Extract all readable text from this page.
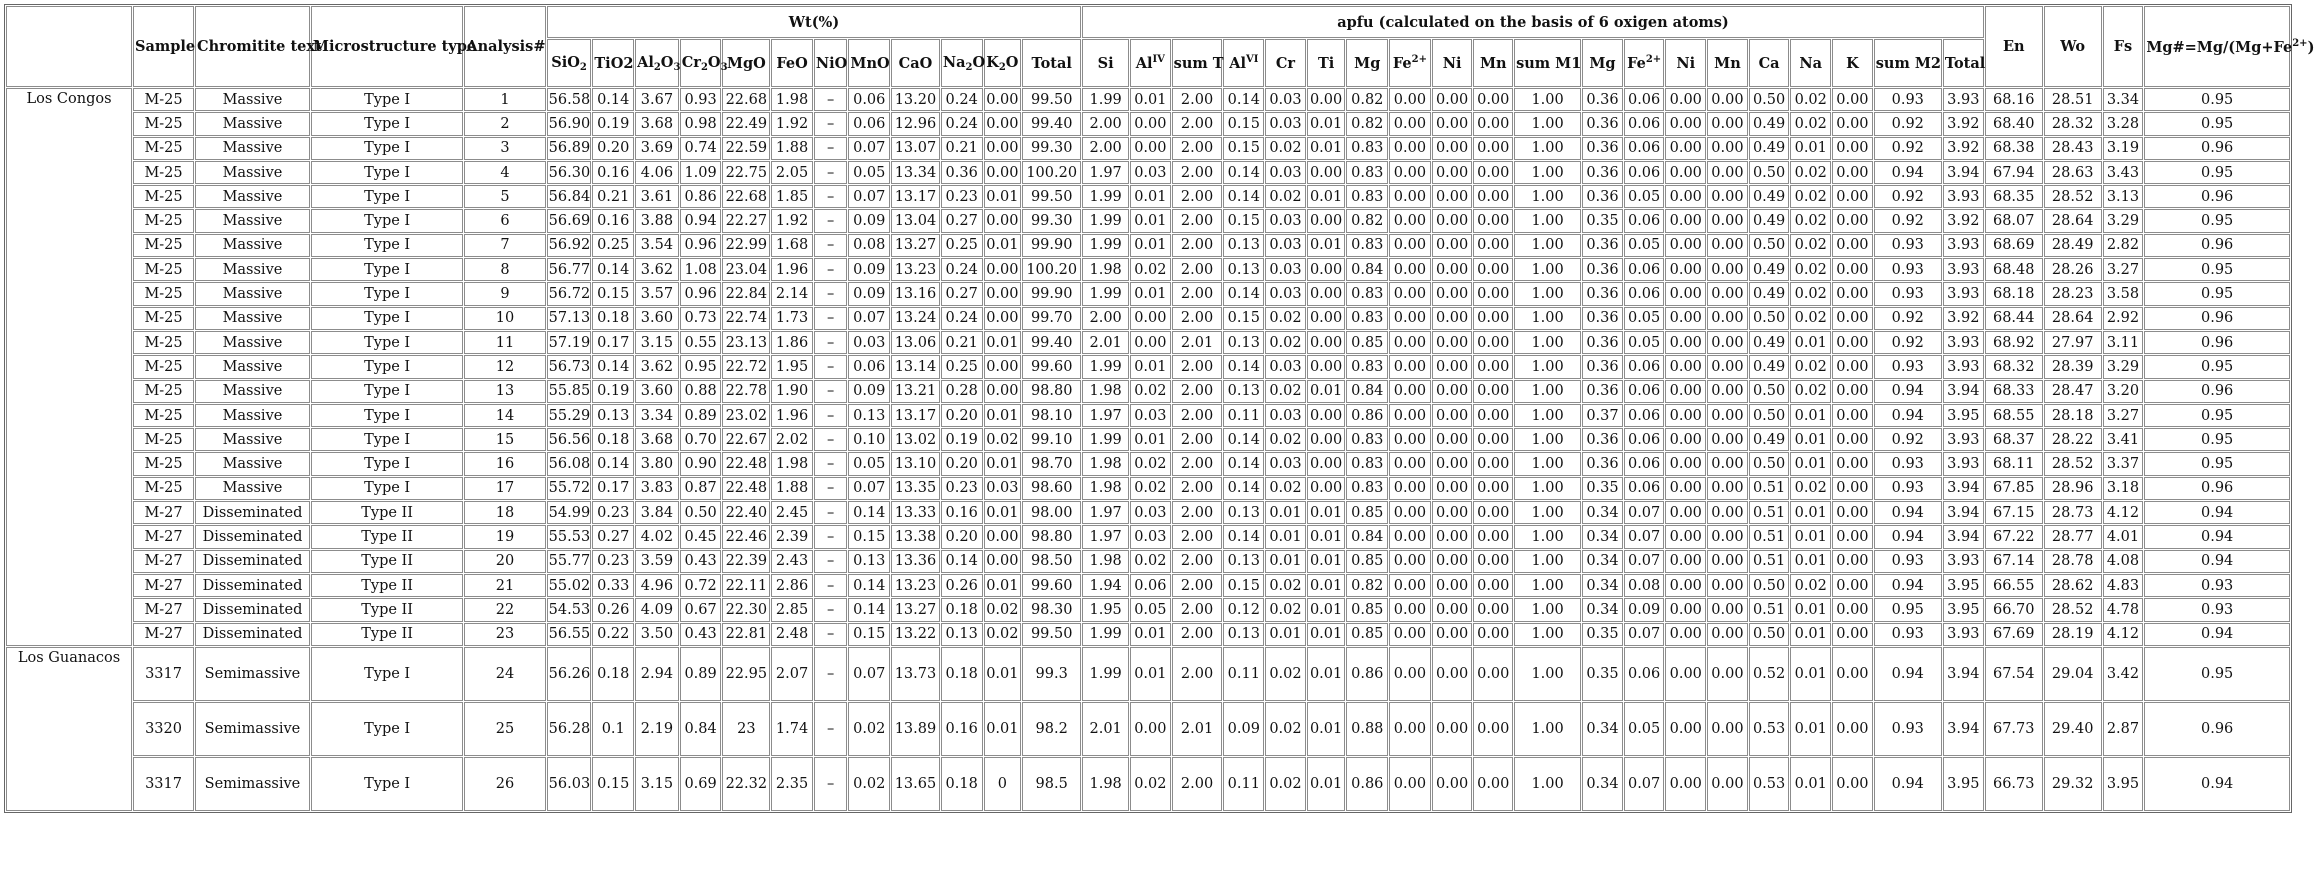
	Sample	Chromitite text	Microstructure type	Analysis#	Wt(%)												apfu (calculated on the basis of 6 oxigen atoms)																				En	Wo	Fs	$Mg\#=Mg/(Mg+Fe^{2+})$
					SiO$_2$	TiO2	$Al_2O_3$	$Cr_2O_3$	MgO	FeO	NiO	MnO	CaO	$Na_2O$	$K_2O$	Total	Si	$Al^{IV}$	sum T	$Al^{VI}$	Cr	Ti	Mg	$Fe^{2+}$	Ni	Mn	sum M1	Mg	$Fe^{2+}$	Ni	Mn	Ca	Na	K	sum M2	Total				
Los Congos	M-25	Massive	Type I	1	56.58	0.14	3.67	0.93	22.68	1.98	–	0.06	13.20	0.24	0.00	99.50	1.99	0.01	2.00	0.14	0.03	0.00	0.82	0.00	0.00	0.00	1.00	0.36	0.06	0.00	0.00	0.50	0.02	0.00	0.93	3.93	68.16	28.51	3.34	0.95
	M-25	Massive	Type I	2	56.90	0.19	3.68	0.98	22.49	1.92	–	0.06	12.96	0.24	0.00	99.40	2.00	0.00	2.00	0.15	0.03	0.01	0.82	0.00	0.00	0.00	1.00	0.36	0.06	0.00	0.00	0.49	0.02	0.00	0.92	3.92	68.40	28.32	3.28	0.95
	M-25	Massive	Type I	3	56.89	0.20	3.69	0.74	22.59	1.88	–	0.07	13.07	0.21	0.00	99.30	2.00	0.00	2.00	0.15	0.02	0.01	0.83	0.00	0.00	0.00	1.00	0.36	0.06	0.00	0.00	0.49	0.01	0.00	0.92	3.92	68.38	28.43	3.19	0.96
	M-25	Massive	Type I	4	56.30	0.16	4.06	1.09	22.75	2.05	–	0.05	13.34	0.36	0.00	100.20	1.97	0.03	2.00	0.14	0.03	0.00	0.83	0.00	0.00	0.00	1.00	0.36	0.06	0.00	0.00	0.50	0.02	0.00	0.94	3.94	67.94	28.63	3.43	0.95
	M-25	Massive	Type I	5	56.84	0.21	3.61	0.86	22.68	1.85	–	0.07	13.17	0.23	0.01	99.50	1.99	0.01	2.00	0.14	0.02	0.01	0.83	0.00	0.00	0.00	1.00	0.36	0.05	0.00	0.00	0.49	0.02	0.00	0.92	3.93	68.35	28.52	3.13	0.96
	M-25	Massive	Type I	6	56.69	0.16	3.88	0.94	22.27	1.92	–	0.09	13.04	0.27	0.00	99.30	1.99	0.01	2.00	0.15	0.03	0.00	0.82	0.00	0.00	0.00	1.00	0.35	0.06	0.00	0.00	0.49	0.02	0.00	0.92	3.92	68.07	28.64	3.29	0.95
	M-25	Massive	Type I	7	56.92	0.25	3.54	0.96	22.99	1.68	–	0.08	13.27	0.25	0.01	99.90	1.99	0.01	2.00	0.13	0.03	0.01	0.83	0.00	0.00	0.00	1.00	0.36	0.05	0.00	0.00	0.50	0.02	0.00	0.93	3.93	68.69	28.49	2.82	0.96
	M-25	Massive	Type I	8	56.77	0.14	3.62	1.08	23.04	1.96	–	0.09	13.23	0.24	0.00	100.20	1.98	0.02	2.00	0.13	0.03	0.00	0.84	0.00	0.00	0.00	1.00	0.36	0.06	0.00	0.00	0.49	0.02	0.00	0.93	3.93	68.48	28.26	3.27	0.95
	M-25	Massive	Type I	9	56.72	0.15	3.57	0.96	22.84	2.14	–	0.09	13.16	0.27	0.00	99.90	1.99	0.01	2.00	0.14	0.03	0.00	0.83	0.00	0.00	0.00	1.00	0.36	0.06	0.00	0.00	0.49	0.02	0.00	0.93	3.93	68.18	28.23	3.58	0.95
	M-25	Massive	Type I	10	57.13	0.18	3.60	0.73	22.74	1.73	–	0.07	13.24	0.24	0.00	99.70	2.00	0.00	2.00	0.15	0.02	0.00	0.83	0.00	0.00	0.00	1.00	0.36	0.05	0.00	0.00	0.50	0.02	0.00	0.92	3.92	68.44	28.64	2.92	0.96
	M-25	Massive	Type I	11	57.19	0.17	3.15	0.55	23.13	1.86	–	0.03	13.06	0.21	0.01	99.40	2.01	0.00	2.01	0.13	0.02	0.00	0.85	0.00	0.00	0.00	1.00	0.36	0.05	0.00	0.00	0.49	0.01	0.00	0.92	3.93	68.92	27.97	3.11	0.96
	M-25	Massive	Type I	12	56.73	0.14	3.62	0.95	22.72	1.95	–	0.06	13.14	0.25	0.00	99.60	1.99	0.01	2.00	0.14	0.03	0.00	0.83	0.00	0.00	0.00	1.00	0.36	0.06	0.00	0.00	0.49	0.02	0.00	0.93	3.93	68.32	28.39	3.29	0.95
	M-25	Massive	Type I	13	55.85	0.19	3.60	0.88	22.78	1.90	–	0.09	13.21	0.28	0.00	98.80	1.98	0.02	2.00	0.13	0.02	0.01	0.84	0.00	0.00	0.00	1.00	0.36	0.06	0.00	0.00	0.50	0.02	0.00	0.94	3.94	68.33	28.47	3.20	0.96
	M-25	Massive	Type I	14	55.29	0.13	3.34	0.89	23.02	1.96	–	0.13	13.17	0.20	0.01	98.10	1.97	0.03	2.00	0.11	0.03	0.00	0.86	0.00	0.00	0.00	1.00	0.37	0.06	0.00	0.00	0.50	0.01	0.00	0.94	3.95	68.55	28.18	3.27	0.95
	M-25	Massive	Type I	15	56.56	0.18	3.68	0.70	22.67	2.02	–	0.10	13.02	0.19	0.02	99.10	1.99	0.01	2.00	0.14	0.02	0.00	0.83	0.00	0.00	0.00	1.00	0.36	0.06	0.00	0.00	0.49	0.01	0.00	0.92	3.93	68.37	28.22	3.41	0.95
	M-25	Massive	Type I	16	56.08	0.14	3.80	0.90	22.48	1.98	–	0.05	13.10	0.20	0.01	98.70	1.98	0.02	2.00	0.14	0.03	0.00	0.83	0.00	0.00	0.00	1.00	0.36	0.06	0.00	0.00	0.50	0.01	0.00	0.93	3.93	68.11	28.52	3.37	0.95
	M-25	Massive	Type I	17	55.72	0.17	3.83	0.87	22.48	1.88	–	0.07	13.35	0.23	0.03	98.60	1.98	0.02	2.00	0.14	0.02	0.00	0.83	0.00	0.00	0.00	1.00	0.35	0.06	0.00	0.00	0.51	0.02	0.00	0.93	3.94	67.85	28.96	3.18	0.96
	M-27	Disseminated	Type II	18	54.99	0.23	3.84	0.50	22.40	2.45	–	0.14	13.33	0.16	0.01	98.00	1.97	0.03	2.00	0.13	0.01	0.01	0.85	0.00	0.00	0.00	1.00	0.34	0.07	0.00	0.00	0.51	0.01	0.00	0.94	3.94	67.15	28.73	4.12	0.94
	M-27	Disseminated	Type II	19	55.53	0.27	4.02	0.45	22.46	2.39	–	0.15	13.38	0.20	0.00	98.80	1.97	0.03	2.00	0.14	0.01	0.01	0.84	0.00	0.00	0.00	1.00	0.34	0.07	0.00	0.00	0.51	0.01	0.00	0.94	3.94	67.22	28.77	4.01	0.94
	M-27	Disseminated	Type II	20	55.77	0.23	3.59	0.43	22.39	2.43	–	0.13	13.36	0.14	0.00	98.50	1.98	0.02	2.00	0.13	0.01	0.01	0.85	0.00	0.00	0.00	1.00	0.34	0.07	0.00	0.00	0.51	0.01	0.00	0.93	3.93	67.14	28.78	4.08	0.94
	M-27	Disseminated	Type II	21	55.02	0.33	4.96	0.72	22.11	2.86	–	0.14	13.23	0.26	0.01	99.60	1.94	0.06	2.00	0.15	0.02	0.01	0.82	0.00	0.00	0.00	1.00	0.34	0.08	0.00	0.00	0.50	0.02	0.00	0.94	3.95	66.55	28.62	4.83	0.93
	M-27	Disseminated	Type II	22	54.53	0.26	4.09	0.67	22.30	2.85	–	0.14	13.27	0.18	0.02	98.30	1.95	0.05	2.00	0.12	0.02	0.01	0.85	0.00	0.00	0.00	1.00	0.34	0.09	0.00	0.00	0.51	0.01	0.00	0.95	3.95	66.70	28.52	4.78	0.93
	M-27	Disseminated	Type II	23	56.55	0.22	3.50	0.43	22.81	2.48	–	0.15	13.22	0.13	0.02	99.50	1.99	0.01	2.00	0.13	0.01	0.01	0.85	0.00	0.00	0.00	1.00	0.35	0.07	0.00	0.00	0.50	0.01	0.00	0.93	3.93	67.69	28.19	4.12	0.94
Los Guanacos	3317	Semimassive	Type I	24	56.26	0.18	2.94	0.89	22.95	2.07	–	0.07	13.73	0.18	0.01	99.3	1.99	0.01	2.00	0.11	0.02	0.01	0.86	0.00	0.00	0.00	1.00	0.35	0.06	0.00	0.00	0.52	0.01	0.00	0.94	3.94	67.54	29.04	3.42	0.95
	3320	Semimassive	Type I	25	56.28	0.1	2.19	0.84	23	1.74	–	0.02	13.89	0.16	0.01	98.2	2.01	0.00	2.01	0.09	0.02	0.01	0.88	0.00	0.00	0.00	1.00	0.34	0.05	0.00	0.00	0.53	0.01	0.00	0.93	3.94	67.73	29.40	2.87	0.96
	3317	Semimassive	Type I	26	56.03	0.15	3.15	0.69	22.32	2.35	–	0.02	13.65	0.18	0	98.5	1.98	0.02	2.00	0.11	0.02	0.01	0.86	0.00	0.00	0.00	1.00	0.34	0.07	0.00	0.00	0.53	0.01	0.00	0.94	3.95	66.73	29.32	3.95	0.94
